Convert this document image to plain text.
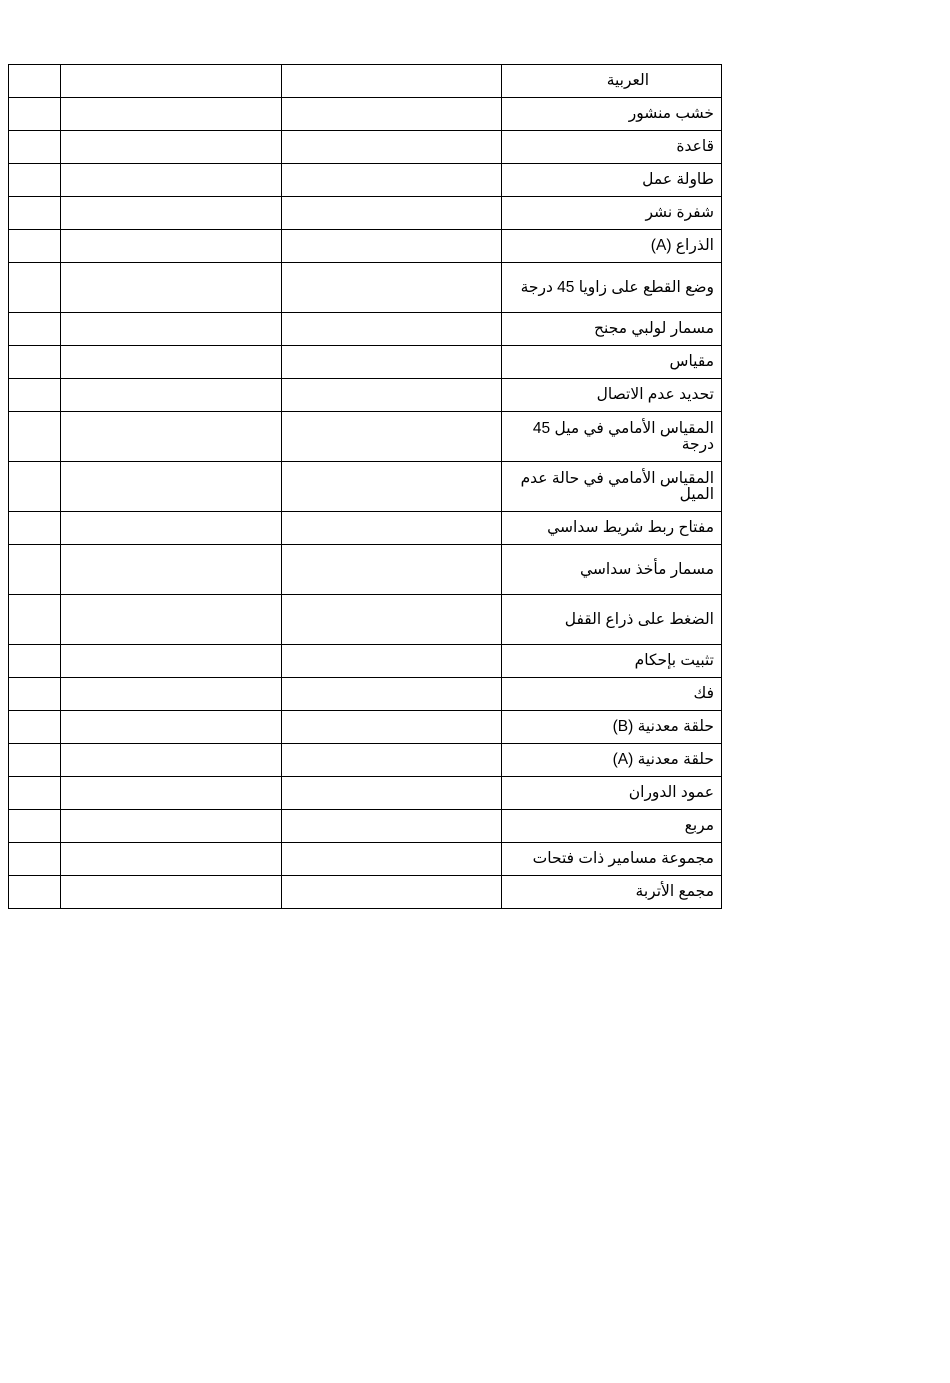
			العربية
			خشب منشور
			قاعدة
			طاولة عمل
			شفرة نشر
			الذراع (A)
			وضع القطع على زاويا 45 درجة
			مسمار لولبي مجنح
			مقياس
			تحديد عدم الاتصال
			المقياس الأمامي في ميل 45 درجة
			المقياس الأمامي في حالة عدم الميل
			مفتاح ربط شريط سداسي
			مسمار مأخذ سداسي
			الضغط على ذراع القفل
			تثبيت بإحكام
			فك
			حلقة معدنية (B)
			حلقة معدنية (A)
			عمود الدوران
			مربع
			مجموعة مسامير ذات فتحات
			مجمع الأتربة
